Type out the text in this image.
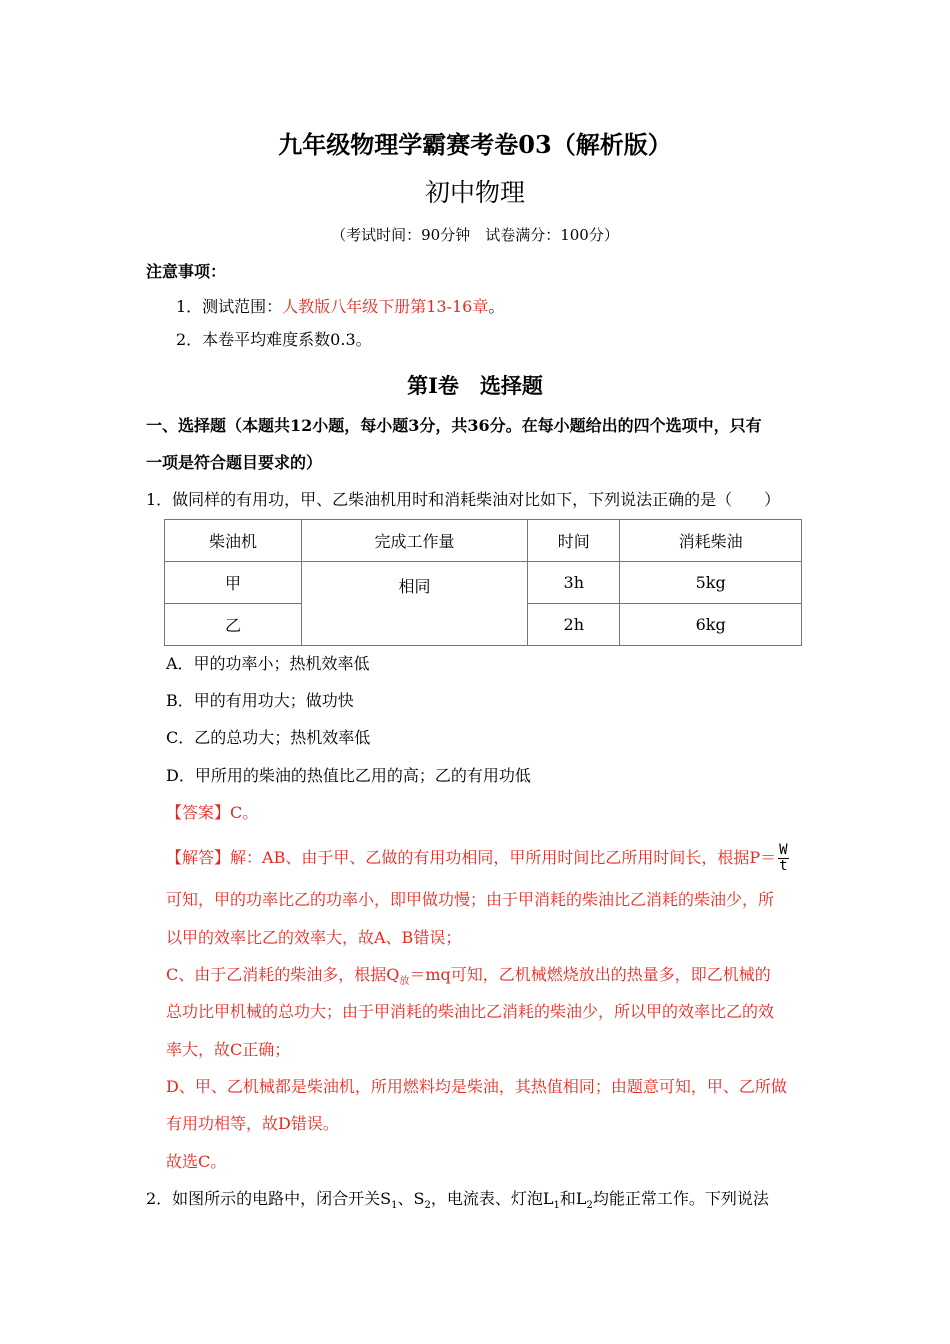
九年级物理学霸赛考卷03（解析版）
初中物理
（考试时间：90分钟　试卷满分：100分）
注意事项：
1．测试范围：人教版八年级下册第13-16章。
2．本卷平均难度系数0.3。
第Ⅰ卷　选择题
一、选择题（本题共12小题，每小题3分，共36分。在每小题给出的四个选项中，只有
一项是符合题目要求的）
1．做同样的有用功，甲、乙柴油机用时和消耗柴油对比如下，下列说法正确的是（　　）
柴油机	完成工作量	时间	消耗柴油
甲	相同	3h	5kg
乙		2h	6kg
A．甲的功率小；热机效率低
B．甲的有用功大；做功快
C．乙的总功大；热机效率低
D．甲所用的柴油的热值比乙用的高；乙的有用功低
【答案】C。
【解答】解：AB、由于甲、乙做的有用功相同，甲所用时间比乙所用时间长，根据$P= \frac{W}{t}$
可知，甲的功率比乙的功率小，即甲做功慢；由于甲消耗的柴油比乙消耗的柴油少，所
以甲的效率比乙的效率大，故A、B错误；
C、由于乙消耗的柴油多，根据$Q_放=mq$可知，乙机械燃烧放出的热量多，即乙机械的
总功比甲机械的总功大；由于甲消耗的柴油比乙消耗的柴油少，所以甲的效率比乙的效
率大，故C正确；
D、甲、乙机械都是柴油机，所用燃料均是柴油，其热值相同；由题意可知，甲、乙所做
有用功相等，故D错误。
故选C。
2．如图所示的电路中，闭合开关$S_1$、$S_2$，电流表、灯泡$L_1$和$L_2$均能正常工作。下列说法
